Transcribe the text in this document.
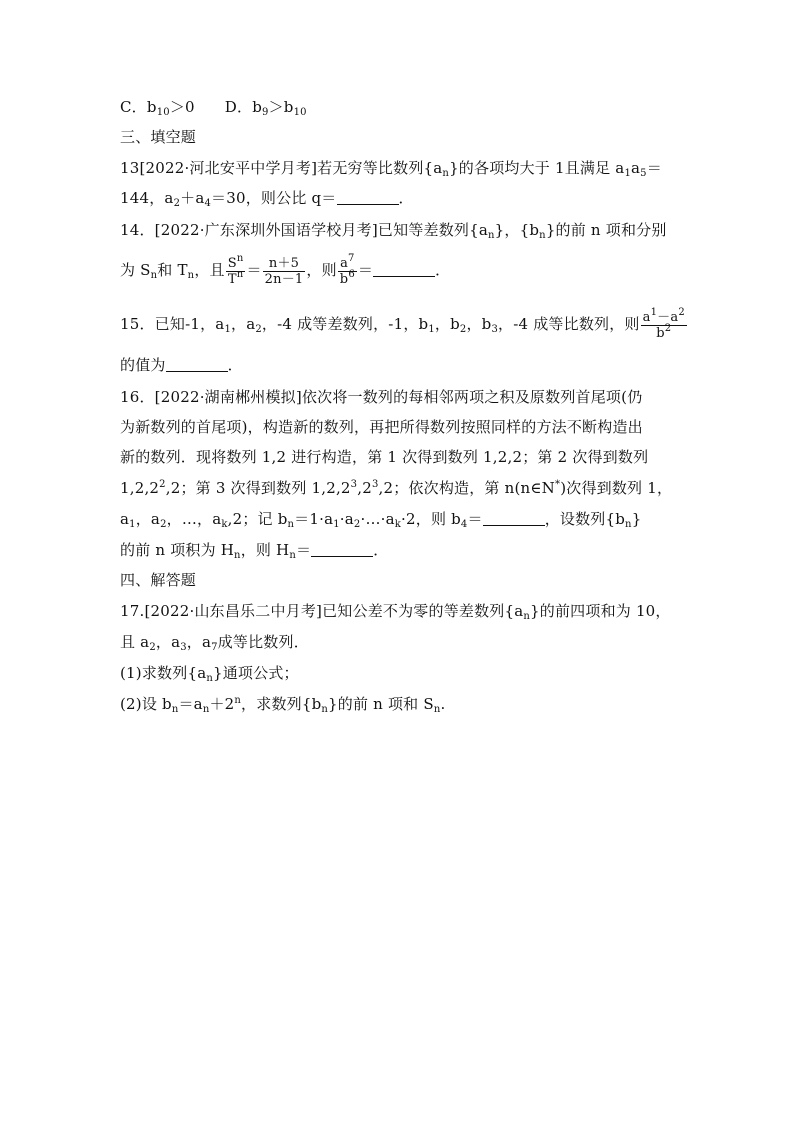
C．$b_{10}>0$ D．$b_9>b_{10}$
三、填空题
13[2022·河北安平中学月考]若无穷等比数列$\{a_n\}$的各项均大于 1且满足 $a_1a_5=$
144，$a_2+a_4=30$，则公比 q＝	．
14．[2022·广东深圳外国语学校月考]已知等差数列$\{a_n\}$，$\{b_n\}$的前 n 项和分别
为 $S_n$和 $T_n$，且 $\frac{S^n}{T^n} = \frac{n+5}{2n-1}$ ，则 $\frac{a^7}{b^6}$ ＝	．
15．已知-1，$a_1$，$a_2$，-4 成等差数列，-1，$b_1$，$b_2$，$b_3$，-4 成等比数列，则 $\frac{a^1-a^2}{b^2}$
的值为	．
16．[2022·湖南郴州模拟]依次将一数列的每相邻两项之积及原数列首尾项(仍
为新数列的首尾项)，构造新的数列，再把所得数列按照同样的方法不断构造出
新的数列．现将数列 1,2 进行构造，第 1 次得到数列 1,2,2；第 2 次得到数列
1,2,2$^2$,2；第 3 次得到数列 $1,2,2^3,2^3,2$；依次构造，第 n(n∈N*)次得到数列 1，
$a_1$，$a_2$，…，$a_k,2$；记 $b_n=1\cdot a_1\cdot a_2\cdot\dots\cdot a_k\cdot 2$，则 $b_4=$	，设数列$\{b_n\}$
的前 n 项积为 $H_n$，则 $H_n=$	．
四、解答题
17.[2022·山东昌乐二中月考]已知公差不为零的等差数列$\{a_n\}$的前四项和为 10，
且 $a_2$，$a_3$，$a_7$成等比数列．
(1)求数列$\{a_n\}$通项公式；
(2)设 $b_n=a_n+2^n$，求数列$\{b_n\}$的前 n 项和 $S_n$.
